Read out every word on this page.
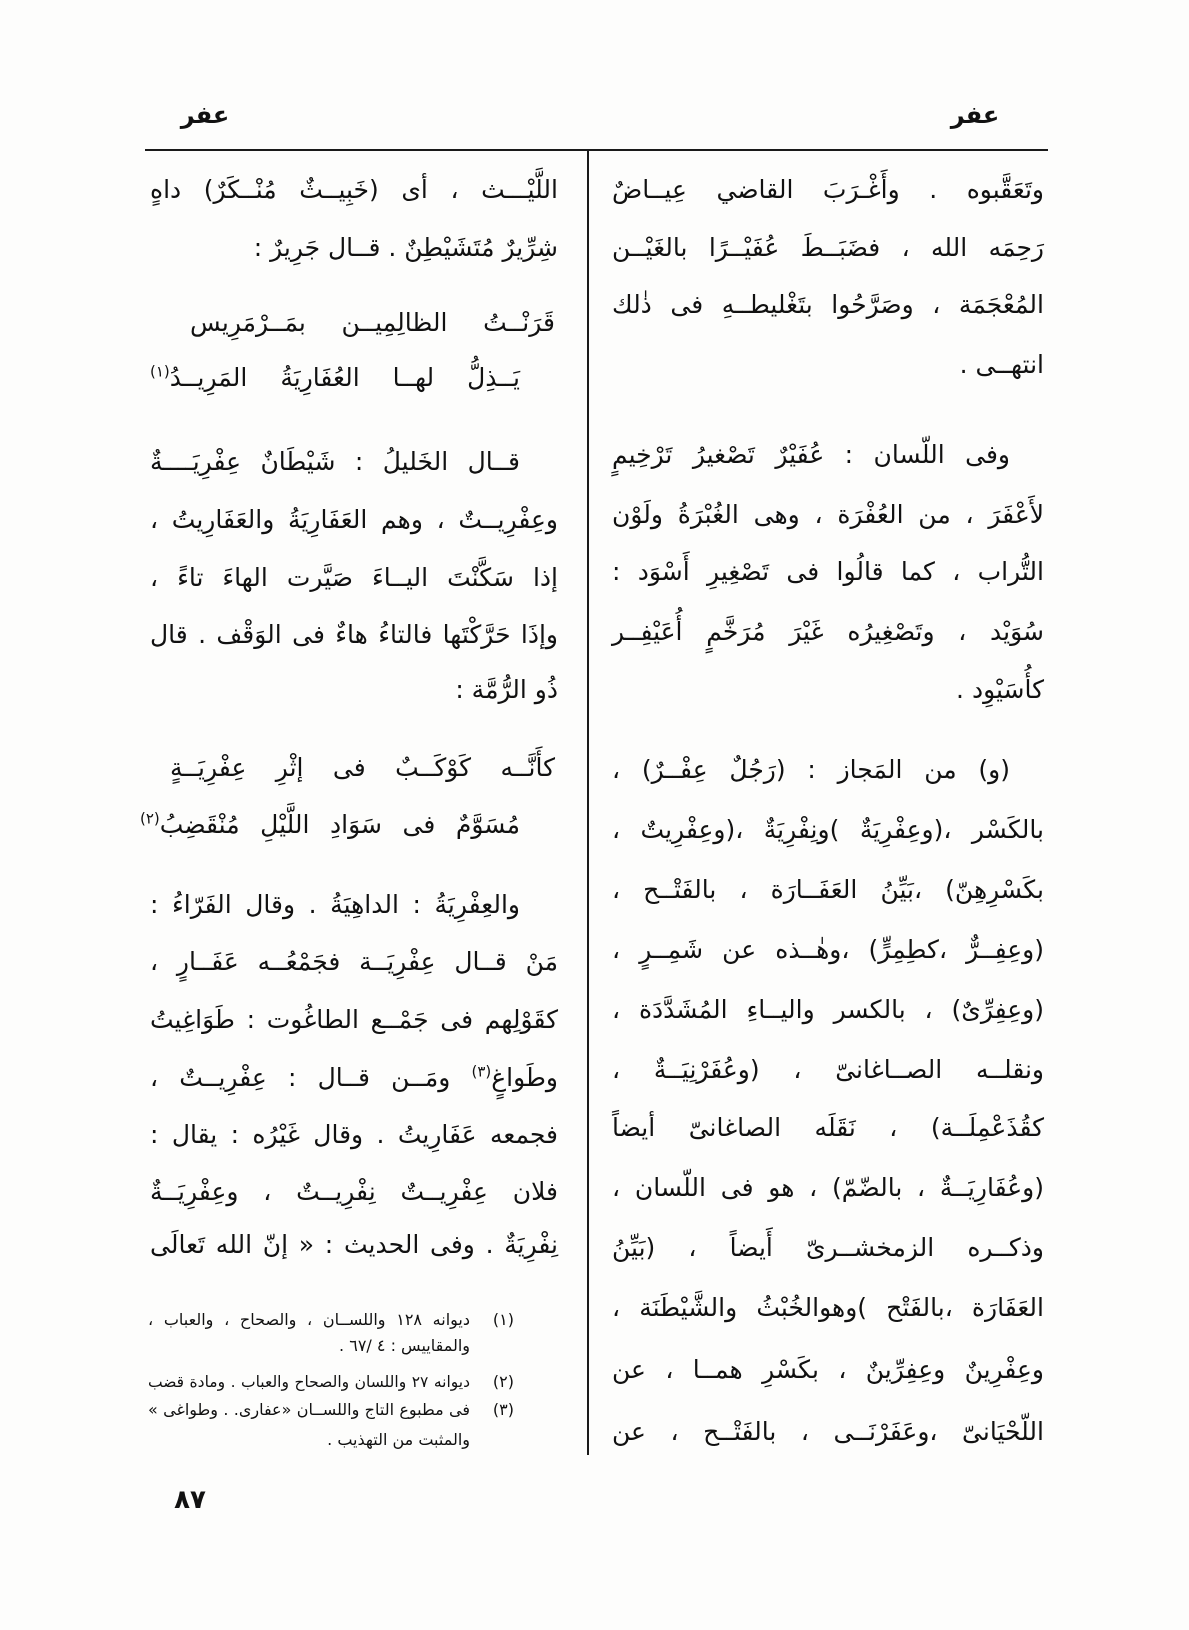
عفر
عفر
وتَعَقَّبوه . وأَغْـرَبَ القاضي عِيــاضٌ
رَحِمَه الله ، فضَبَــطَ عُفَيْــرًا بالغَيْــن
المُعْجَمَة ، وصَرَّحُوا بتَغْليطــهِ فى ذٰلك
انتهــى .
وفى اللّسان : عُفَيْرٌ تَصْغيرُ تَرْخِيمٍ
لأَعْفَرَ ، من العُفْرَة ، وهى الغُبْرَةُ ولَوْن
التُّراب ، كما قالُوا فى تَصْغِيرِ أَسْوَد :
سُوَيْد ، وتَصْغِيرُه غَيْرَ مُرَخَّمٍ أُعَيْفِــر
كأُسَيْوِد .
(و) من المَجاز : (رَجُلٌ عِفْــرٌ) ،
بالكَسْر ،(وعِفْرِيَةٌ )ونِفْرِيَةٌ ،(وعِفْرِيتٌ ،
بكَسْرِهِنّ) ،بَيِّنُ العَفَــارَة ، بالفَتْــح ،
(وعِفِــرٌّ ،كطِمِرٍّ) ،وهٰــذه عن شَمِــرٍ ،
(وعِفِرِّىٌ) ، بالكسر واليــاءِ المُشَدَّدَة ،
ونقلــه الصــاغانىّ ، (وعُفَرْنِيَــةٌ ،
كقُذَعْمِلَــة) ، نَقَلَه الصاغانىّ أيضاً
(وعُفَارِيَــةٌ ، بالضّمّ) ، هو فى اللّسان ،
وذكــره الزمخشــرىّ أَيضاً ، (بَيِّنُ
العَفَارَة ،بالفَتْح )وهوالخُبْثُ والشَّيْطَنَة ،
وعِفْرِينٌ وعِفِرِّينٌ ، بكَسْرِ همــا ، عن
اللّحْيَانىّ ،وعَفَرْنَــى ، بالفَتْــح ، عن
اللَّيْـــث ، أى (خَبِيــثٌ مُنْــكَرٌ) داهٍ
شِرِّيرٌ مُتَشَيْطِنٌ . قــال جَرِيرٌ :
قَرَنْــتُ الظالِمِيــن بمَــرْمَرِيس
يَــذِلُّ لهــا العُفَارِيَةُ المَرِيــدُ$^{(١)}$
قــال الخَليلُ : شَيْطَانٌ عِفْرِيَــــةٌ
وعِفْرِيــتٌ ، وهم العَفَارِيَةُ والعَفَارِيتُ ،
إذا سَكَّنْتَ اليــاءَ صَيَّرت الهاءَ تاءً ،
وإذَا حَرَّكْتَها فالتاءُ هاءٌ فى الوَقْف . قال
ذُو الرُّمَّة :
كأَنَّــه كَوْكَــبٌ فى إثْرِ عِفْرِيَــةٍ
مُسَوَّمٌ فى سَوَادِ اللَّيْلِ مُنْقَضِبُ$^{(٢)}$
والعِفْرِيَةُ : الداهِيَةُ . وقال الفَرّاءُ :
مَنْ قــال عِفْرِيَــة فجَمْعُــه عَفَــارٍ ،
كقَوْلِهم فى جَمْــع الطاغُوت : طَوَاغِيتُ
وطَواغٍ$^{(٣)}$ ومَــن قــال : عِفْرِيــتٌ ،
فجمعه عَفَارِيتُ . وقال غَيْرُه : يقال :
فلان عِفْرِيــتٌ نِفْرِيــتٌ ، وعِفْرِيَــةٌ
نِفْرِيَةٌ . وفى الحديث : « إنّ الله تَعالَى
(١)
ديوانه ١٢٨ واللســان ، والصحاح ، والعباب ،
والمقاييس : ٤ /٦٧ .
(٢)
ديوانه ٢٧ واللسان والصحاح والعباب . ومادة قضب
(٣)
فى مطبوع التاج واللســان «عفارى. . وطواغى »
والمثبت من التهذيب .
٨٧
